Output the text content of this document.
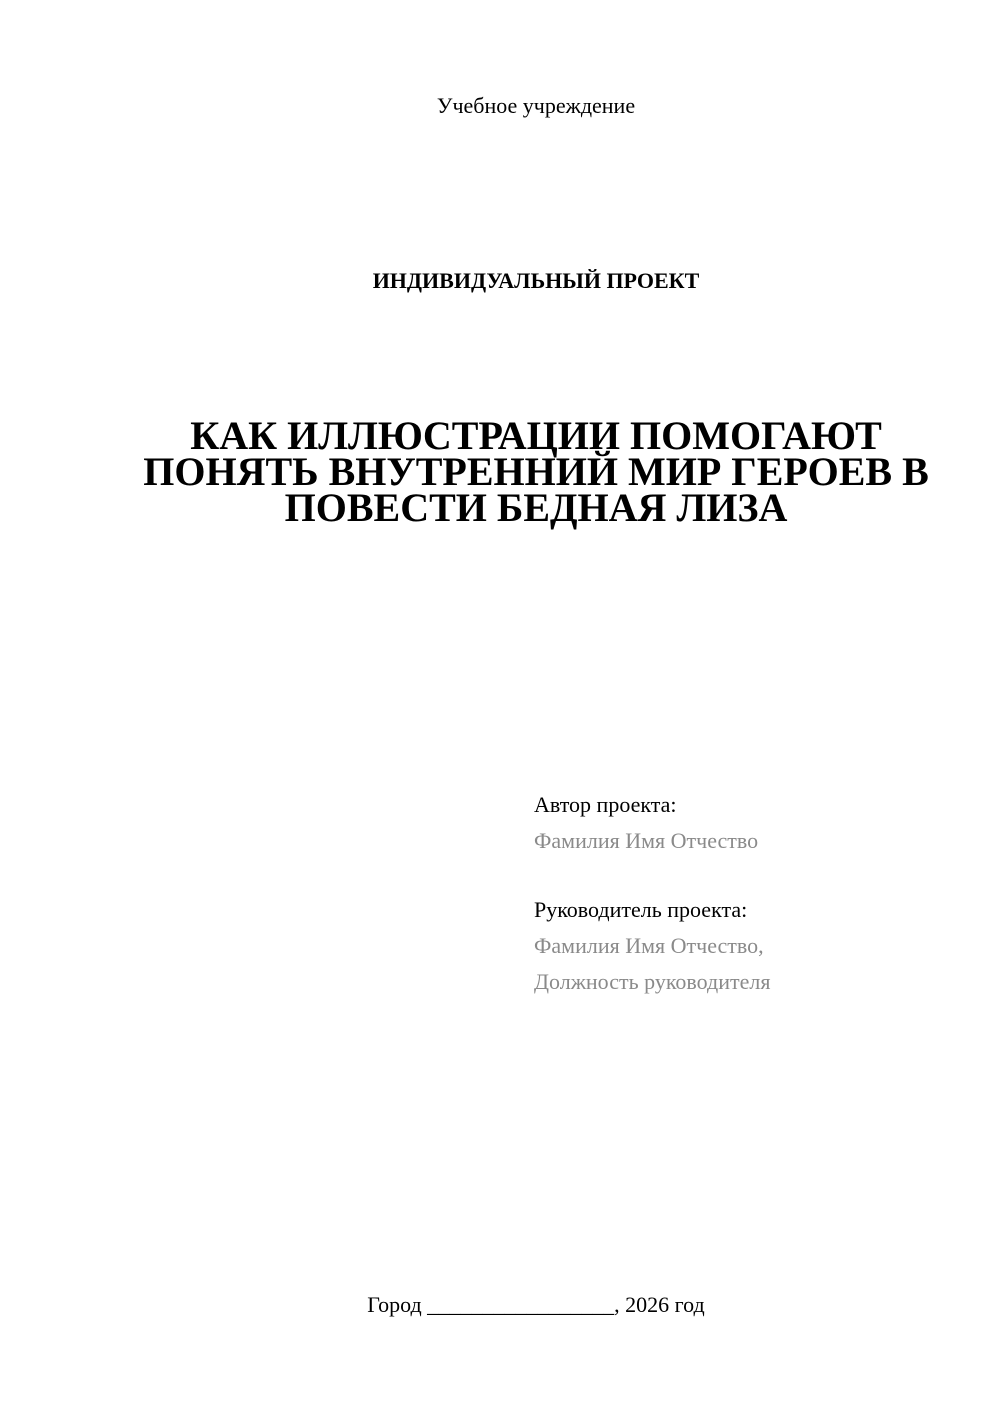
Учебное учреждение
ИНДИВИДУАЛЬНЫЙ ПРОЕКТ
КАК ИЛЛЮСТРАЦИИ ПОМОГАЮТ
ПОНЯТЬ ВНУТРЕННИЙ МИР ГЕРОЕВ В
ПОВЕСТИ БЕДНАЯ ЛИЗА
Автор проекта:
Фамилия Имя Отчество
Руководитель проекта:
Фамилия Имя Отчество,
Должность руководителя
Город _________________, 2026 год
